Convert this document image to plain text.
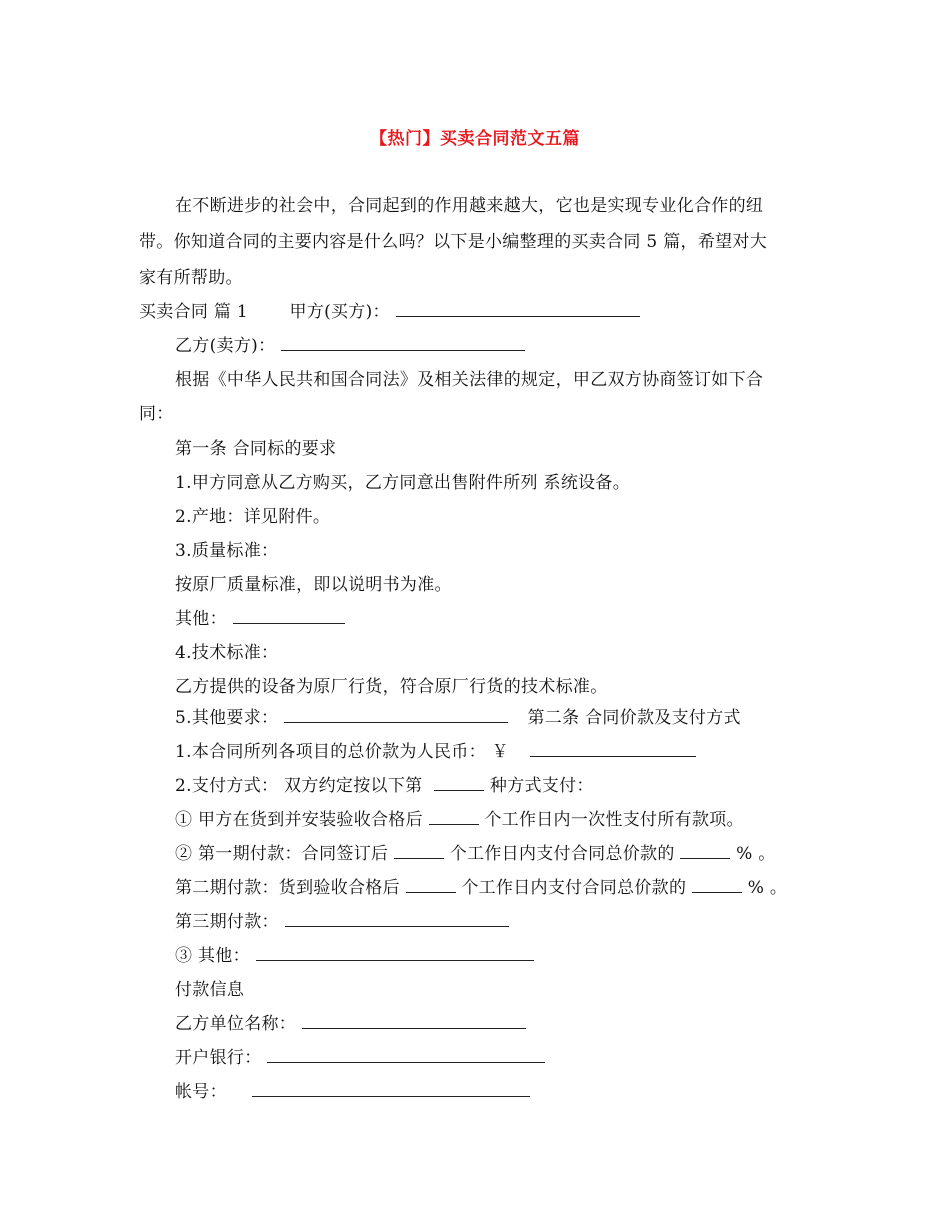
【热门】买卖合同范文五篇
在不断进步的社会中，合同起到的作用越来越大，它也是实现专业化合作的纽
带。你知道合同的主要内容是什么吗？以下是小编整理的买卖合同 5 篇，希望对大
家有所帮助。
买卖合同 篇 1 甲方(买方)：
乙方(卖方)：
根据《中华人民共和国合同法》及相关法律的规定，甲乙双方协商签订如下合
同：
第一条 合同标的要求
1.甲方同意从乙方购买，乙方同意出售附件所列 系统设备。
2.产地：详见附件。
3.质量标准：
按原厂质量标准，即以说明书为准。
其他：
4.技术标准：
乙方提供的设备为原厂行货，符合原厂行货的技术标准。
5.其他要求：	第二条 合同价款及支付方式
1.本合同所列各项目的总价款为人民币： ￥
2.支付方式： 双方约定按以下第	种方式支付：
① 甲方在货到并安装验收合格后	个工作日内一次性支付所有款项。
② 第一期付款：合同签订后	个工作日内支付合同总价款的	% 。
第二期付款：货到验收合格后	个工作日内支付合同总价款的	% 。
第三期付款：
③ 其他：
付款信息
乙方单位名称：
开户银行：
帐号：
